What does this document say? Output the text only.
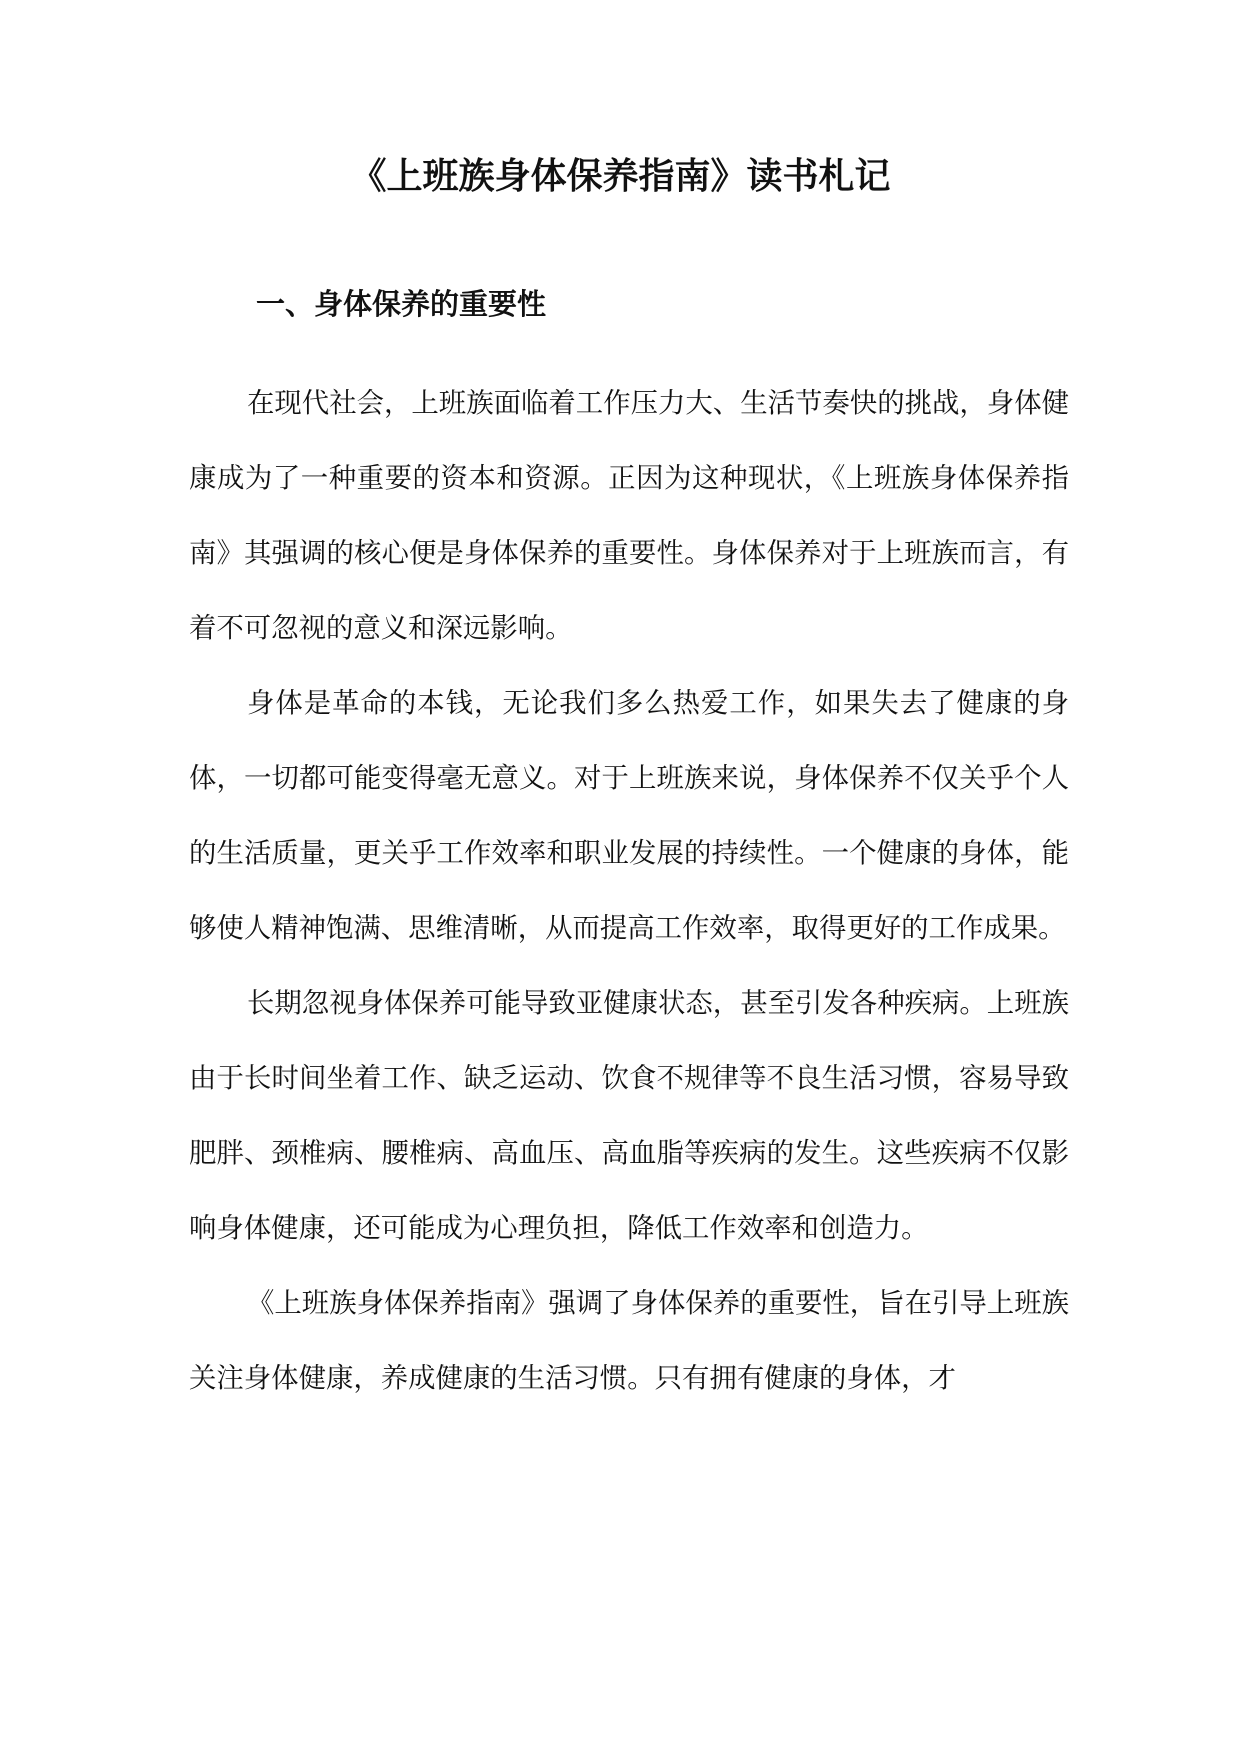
《上班族身体保养指南》读书札记
一、身体保养的重要性

在现代社会，上班族面临着工作压力大、生活节奏快的挑战，身体健康成为了一种重要的资本和资源。正因为这种现状，《上班族身体保养指南》其强调的核心便是身体保养的重要性。身体保养对于上班族而言，有着不可忽视的意义和深远影响。

身体是革命的本钱，无论我们多么热爱工作，如果失去了健康的身体，一切都可能变得毫无意义。对于上班族来说，身体保养不仅关乎个人的生活质量，更关乎工作效率和职业发展的持续性。一个健康的身体，能够使人精神饱满、思维清晰，从而提高工作效率，取得更好的工作成果。

长期忽视身体保养可能导致亚健康状态，甚至引发各种疾病。上班族由于长时间坐着工作、缺乏运动、饮食不规律等不良生活习惯，容易导致肥胖、颈椎病、腰椎病、高血压、高血脂等疾病的发生。这些疾病不仅影响身体健康，还可能成为心理负担，降低工作效率和创造力。

《上班族身体保养指南》强调了身体保养的重要性，旨在引导上班族关注身体健康，养成健康的生活习惯。只有拥有健康的身体，才
